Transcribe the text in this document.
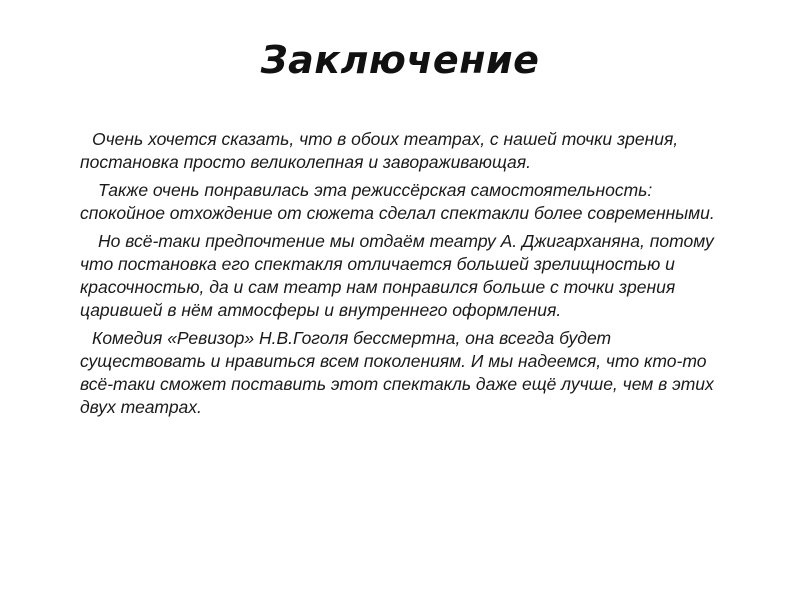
Заключение

Очень хочется сказать, что в обоих театрах, с нашей точки зрения, постановка просто великолепная и завораживающая.

Также очень понравилась эта режиссёрская самостоятельность: спокойное отхождение от сюжета сделал спектакли более современными.

Но всё-таки предпочтение мы отдаём театру А. Джигарханяна, потому что постановка его спектакля отличается большей зрелищностью и красочностью, да и сам театр нам понравился больше с точки зрения царившей в нём атмосферы и внутреннего оформления.

Комедия «Ревизор» Н.В.Гоголя бессмертна, она всегда будет существовать и нравиться всем поколениям. И мы надеемся, что кто-то всё-таки сможет поставить этот спектакль даже ещё лучше, чем в этих двух театрах.
